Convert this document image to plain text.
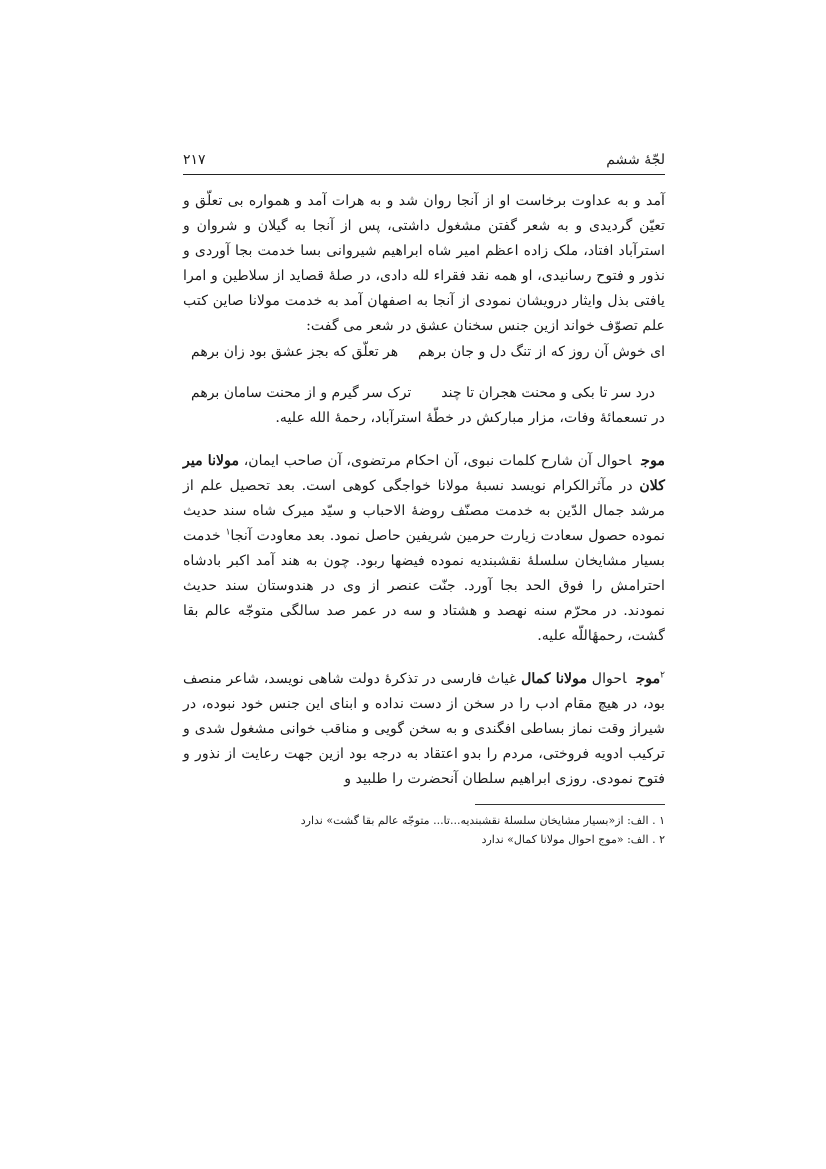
لجّهٔ ششم
۲۱۷

آمد و به عداوت برخاست او از آنجا روان شد و به هرات آمد و همواره بی تعلّق و تعیّن گردیدی و به شعر گفتن مشغول داشتی، پس از آنجا به گیلان و شروان و استرآباد افتاد، ملک زاده اعظم امیر شاه ابراهیم شیروانی بسا خدمت بجا آوردی و نذور و فتوح رسانیدی، او همه نقد فقراء لله دادی، در صلهٔ قصاید از سلاطین و امرا یافتی بذل وایثار درویشان نمودی از آنجا به اصفهان آمد به خدمت مولانا صاین کتب علم تصوّف خواند ازین جنس سخنان عشق در شعر می گفت:

ای خوش آن روز که از تنگ دل و جان برهم
هر تعلّق که بجز عشق بود زان برهم
درد سر تا بکی و محنت هجران تا چند
ترک سر گیرم و از محنت سامان برهم

در تسعمائهٔ وفات، مزار مبارکش در خطّهٔ استرآباد، رحمهٔ الله علیه.

موجاحوال آن شارح کلمات نبوی، آن احکام مرتضوی، آن صاحب ایمان، مولانا میر کلان در مآثرالکرام نویسد نسبهٔ مولانا خواجگی کوهی است. بعد تحصیل علم از مرشد جمال الدّین به خدمت مصنّف روضهٔ الاحباب و سیّد میرک شاه سند حدیث نموده حصول سعادت زیارت حرمین شریفین حاصل نمود. بعد معاودت آنجا$^۱$ خدمت بسیار مشایخان سلسلهٔ نقشبندیه نموده فیضها ربود. چون به هند آمد اکبر بادشاه احترامش را فوق الحد بجا آورد. جنّت عنصر از وی در هندوستان سند حدیث نمودند. در محرّم سنه نهصد و هشتاد و سه در عمر صد سالگی متوجّه عالم بقا گشت، رحمهٔاللّه علیه.

$^۲$موجاحوال مولانا کمال غیاث فارسی در تذکرهٔ دولت شاهی نویسد، شاعر منصف بود، در هیچ مقام ادب را در سخن از دست نداده و ابنای این جنس خود نبوده، در شیراز وقت نماز بساطی افگندی و به سخن گویی و مناقب خوانی مشغول شدی و ترکیب ادویه فروختی، مردم را بدو اعتقاد به درجه بود ازین جهت رعایت از نذور و فتوح نمودی. روزی ابراهیم سلطان آنحضرت را طلبید و

۱ . الف: از«بسیار مشایخان سلسلهٔ نقشبندیه...تا... متوجّه عالم بقا گشت» ندارد
۲ . الف: «موج احوال مولانا کمال» ندارد
